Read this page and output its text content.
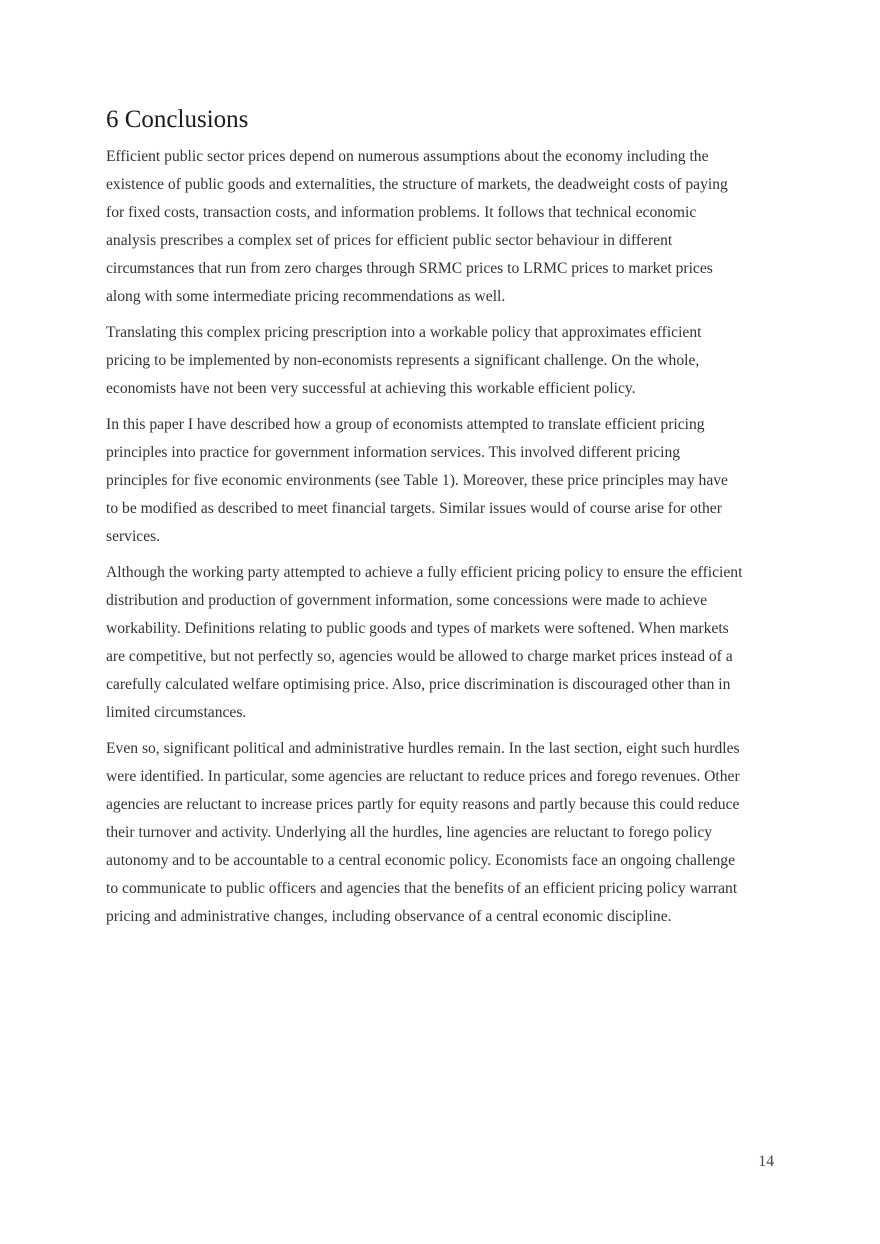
6 Conclusions

Efficient public sector prices depend on numerous assumptions about the economy including the
existence of public goods and externalities, the structure of markets, the deadweight costs of paying
for fixed costs, transaction costs, and information problems. It follows that technical economic
analysis prescribes a complex set of prices for efficient public sector behaviour in different
circumstances that run from zero charges through SRMC prices to LRMC prices to market prices
along with some intermediate pricing recommendations as well.

Translating this complex pricing prescription into a workable policy that approximates efficient
pricing to be implemented by non-economists represents a significant challenge. On the whole,
economists have not been very successful at achieving this workable efficient policy.

In this paper I have described how a group of economists attempted to translate efficient pricing
principles into practice for government information services. This involved different pricing
principles for five economic environments (see Table 1). Moreover, these price principles may have
to be modified as described to meet financial targets. Similar issues would of course arise for other
services.

Although the working party attempted to achieve a fully efficient pricing policy to ensure the efficient
distribution and production of government information, some concessions were made to achieve
workability. Definitions relating to public goods and types of markets were softened. When markets
are competitive, but not perfectly so, agencies would be allowed to charge market prices instead of a
carefully calculated welfare optimising price. Also, price discrimination is discouraged other than in
limited circumstances.

Even so, significant political and administrative hurdles remain. In the last section, eight such hurdles
were identified. In particular, some agencies are reluctant to reduce prices and forego revenues. Other
agencies are reluctant to increase prices partly for equity reasons and partly because this could reduce
their turnover and activity. Underlying all the hurdles, line agencies are reluctant to forego policy
autonomy and to be accountable to a central economic policy. Economists face an ongoing challenge
to communicate to public officers and agencies that the benefits of an efficient pricing policy warrant
pricing and administrative changes, including observance of a central economic discipline.

14
